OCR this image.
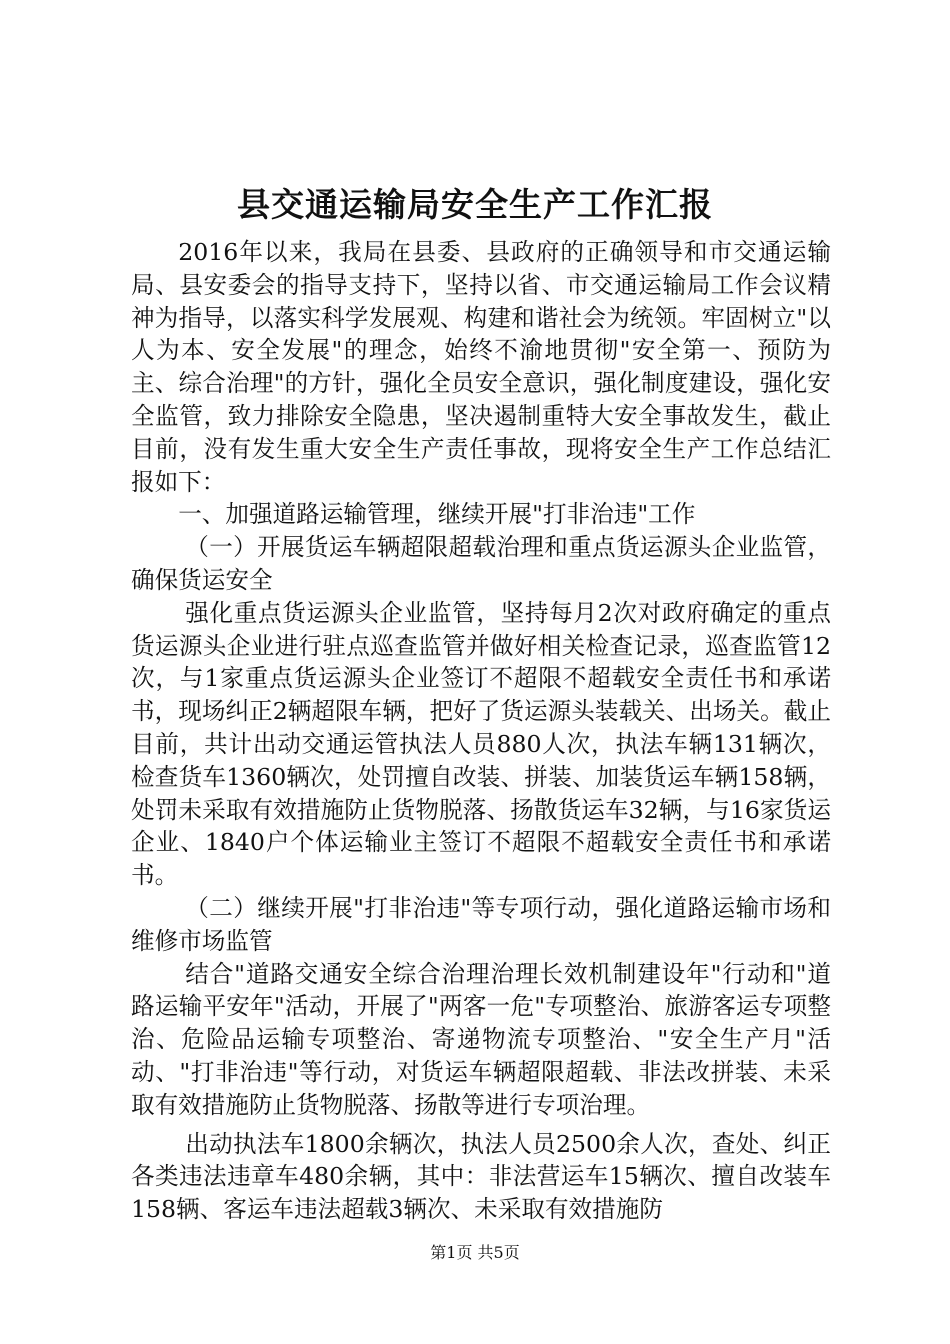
县交通运输局安全生产工作汇报

2016年以来，我局在县委、县政府的正确领导和市交通运输局、县安委会的指导支持下，坚持以省、市交通运输局工作会议精神为指导，以落实科学发展观、构建和谐社会为统领。牢固树立"以人为本、安全发展"的理念，始终不渝地贯彻"安全第一、预防为主、综合治理"的方针，强化全员安全意识，强化制度建设，强化安全监管，致力排除安全隐患，坚决遏制重特大安全事故发生，截止目前，没有发生重大安全生产责任事故，现将安全生产工作总结汇报如下：

一、加强道路运输管理，继续开展"打非治违"工作

（一）开展货运车辆超限超载治理和重点货运源头企业监管，确保货运安全

强化重点货运源头企业监管，坚持每月2次对政府确定的重点货运源头企业进行驻点巡查监管并做好相关检查记录，巡查监管12次，与1家重点货运源头企业签订不超限不超载安全责任书和承诺书，现场纠正2辆超限车辆，把好了货运源头装载关、出场关。截止目前，共计出动交通运管执法人员880人次，执法车辆131辆次，检查货车1360辆次，处罚擅自改装、拼装、加装货运车辆158辆，处罚未采取有效措施防止货物脱落、扬散货运车32辆，与16家货运企业、1840户个体运输业主签订不超限不超载安全责任书和承诺书。

（二）继续开展"打非治违"等专项行动，强化道路运输市场和维修市场监管

结合"道路交通安全综合治理治理长效机制建设年"行动和"道路运输平安年"活动，开展了"两客一危"专项整治、旅游客运专项整治、危险品运输专项整治、寄递物流专项整治、"安全生产月"活动、"打非治违"等行动，对货运车辆超限超载、非法改拼装、未采取有效措施防止货物脱落、扬散等进行专项治理。

出动执法车1800余辆次，执法人员2500余人次，查处、纠正各类违法违章车480余辆，其中：非法营运车15辆次、擅自改装车158辆、客运车违法超载3辆次、未采取有效措施防

第1页 共5页
